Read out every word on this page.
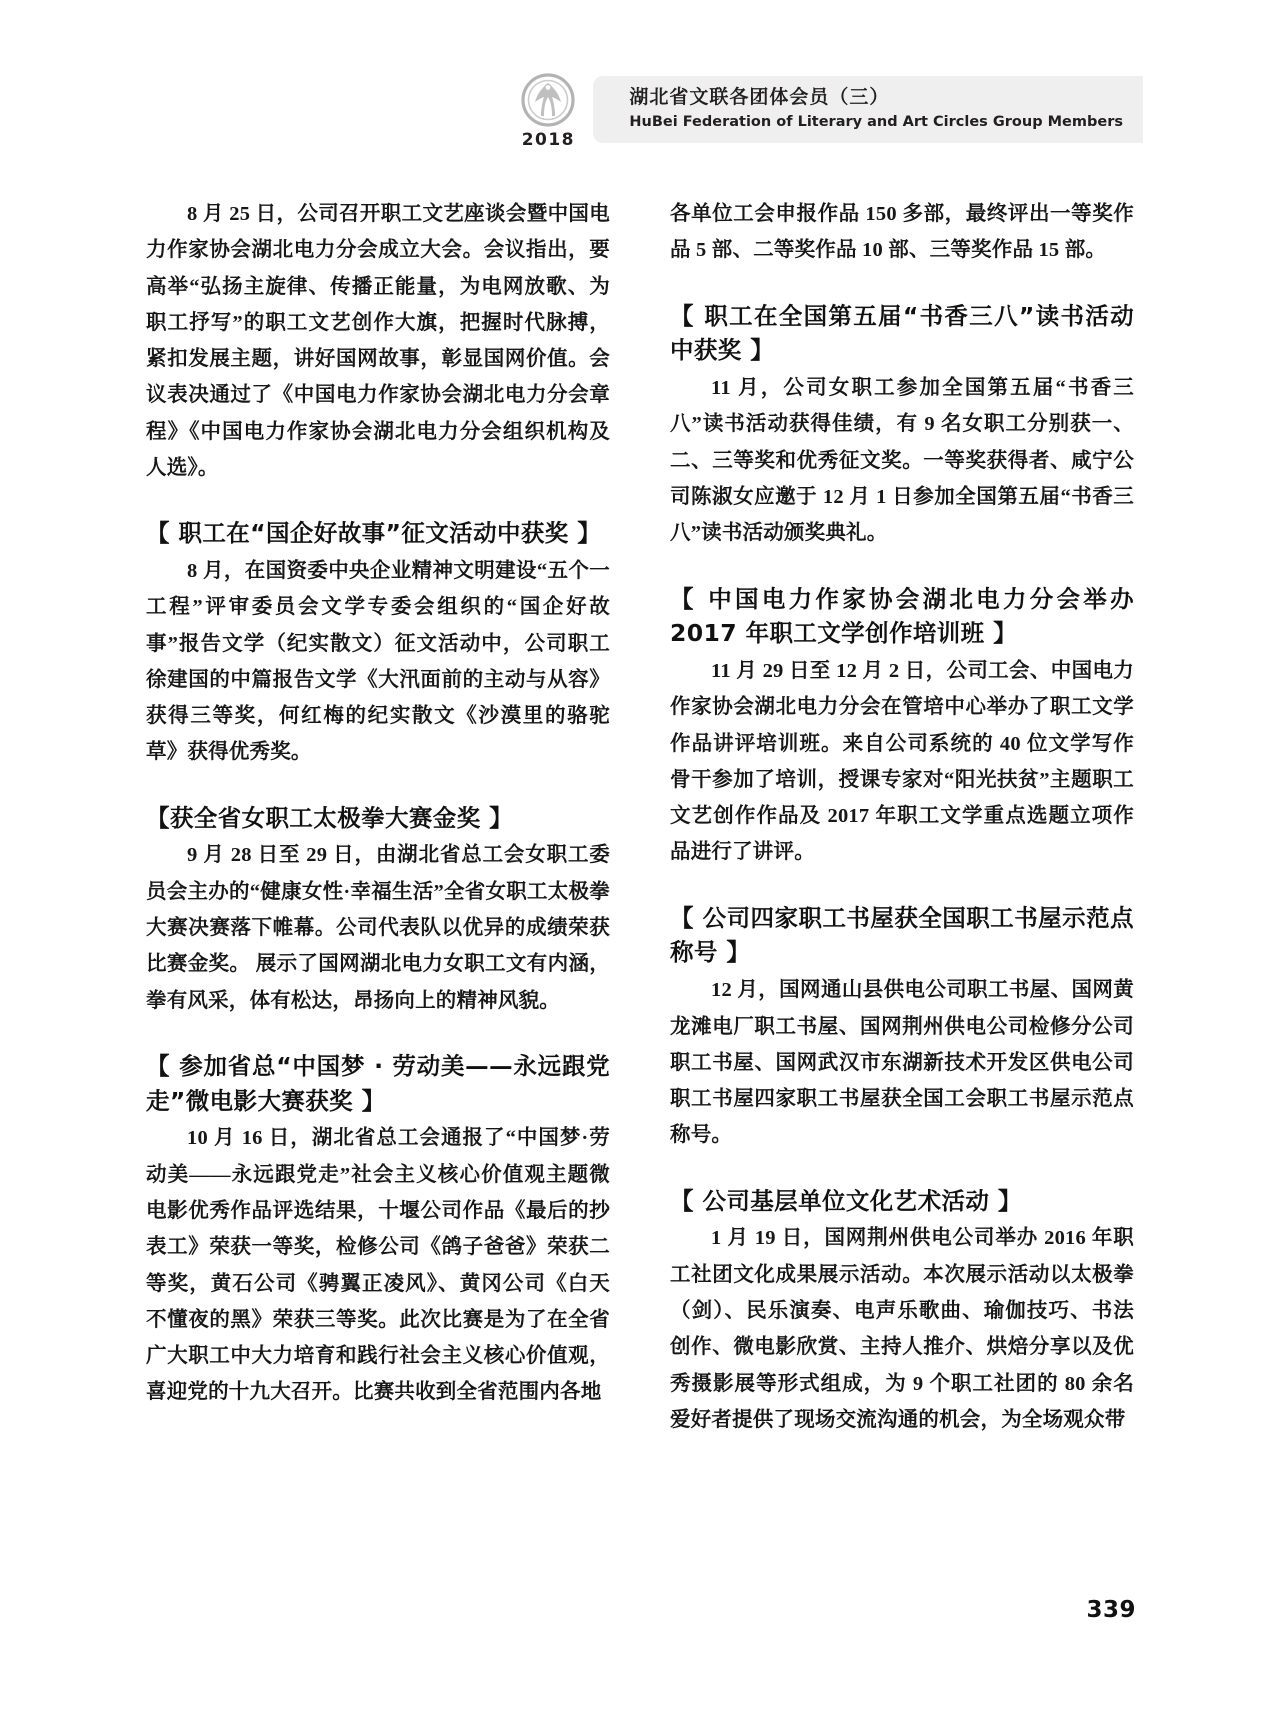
2018
湖北省文联各团体会员（三）
HuBei Federation of Literary and Art Circles Group Members

8 月 25 日，公司召开职工文艺座谈会暨中国电力作家协会湖北电力分会成立大会。会议指出，要高举“弘扬主旋律、传播正能量，为电网放歌、为职工抒写”的职工文艺创作大旗，把握时代脉搏，紧扣发展主题，讲好国网故事，彰显国网价值。会议表决通过了《中国电力作家协会湖北电力分会章程》《中国电力作家协会湖北电力分会组织机构及人选》。

【 职工在“国企好故事”征文活动中获奖 】

8 月，在国资委中央企业精神文明建设“五个一工程”评审委员会文学专委会组织的“国企好故事”报告文学（纪实散文）征文活动中，公司职工徐建国的中篇报告文学《大汛面前的主动与从容》获得三等奖，何红梅的纪实散文《沙漠里的骆驼草》获得优秀奖。

【获全省女职工太极拳大赛金奖 】

9 月 28 日至 29 日，由湖北省总工会女职工委员会主办的“健康女性·幸福生活”全省女职工太极拳大赛决赛落下帷幕。公司代表队以优异的成绩荣获比赛金奖。 展示了国网湖北电力女职工文有内涵，拳有风采，体有松达，昂扬向上的精神风貌。

【 参加省总“中国梦 · 劳动美——永远跟党走”微电影大赛获奖 】

10 月 16 日，湖北省总工会通报了“中国梦·劳动美——永远跟党走”社会主义核心价值观主题微电影优秀作品评选结果，十堰公司作品《最后的抄表工》荣获一等奖，检修公司《鸽子爸爸》荣获二等奖，黄石公司《骋翼正凌风》、黄冈公司《白天不懂夜的黑》荣获三等奖。此次比赛是为了在全省广大职工中大力培育和践行社会主义核心价值观，喜迎党的十九大召开。比赛共收到全省范围内各地

各单位工会申报作品 150 多部，最终评出一等奖作品 5 部、二等奖作品 10 部、三等奖作品 15 部。

【 职工在全国第五届“书香三八”读书活动中获奖 】

11 月，公司女职工参加全国第五届“书香三八”读书活动获得佳绩，有 9 名女职工分别获一、二、三等奖和优秀征文奖。一等奖获得者、咸宁公司陈淑女应邀于 12 月 1 日参加全国第五届“书香三八”读书活动颁奖典礼。

【 中国电力作家协会湖北电力分会举办 2017 年职工文学创作培训班 】

11 月 29 日至 12 月 2 日，公司工会、中国电力作家协会湖北电力分会在管培中心举办了职工文学作品讲评培训班。来自公司系统的 40 位文学写作骨干参加了培训，授课专家对“阳光扶贫”主题职工文艺创作作品及 2017 年职工文学重点选题立项作品进行了讲评。

【 公司四家职工书屋获全国职工书屋示范点称号 】

12 月，国网通山县供电公司职工书屋、国网黄龙滩电厂职工书屋、国网荆州供电公司检修分公司职工书屋、国网武汉市东湖新技术开发区供电公司职工书屋四家职工书屋获全国工会职工书屋示范点称号。

【 公司基层单位文化艺术活动 】

1 月 19 日，国网荆州供电公司举办 2016 年职工社团文化成果展示活动。本次展示活动以太极拳（剑）、民乐演奏、电声乐歌曲、瑜伽技巧、书法创作、微电影欣赏、主持人推介、烘焙分享以及优秀摄影展等形式组成，为 9 个职工社团的 80 余名爱好者提供了现场交流沟通的机会，为全场观众带

339
